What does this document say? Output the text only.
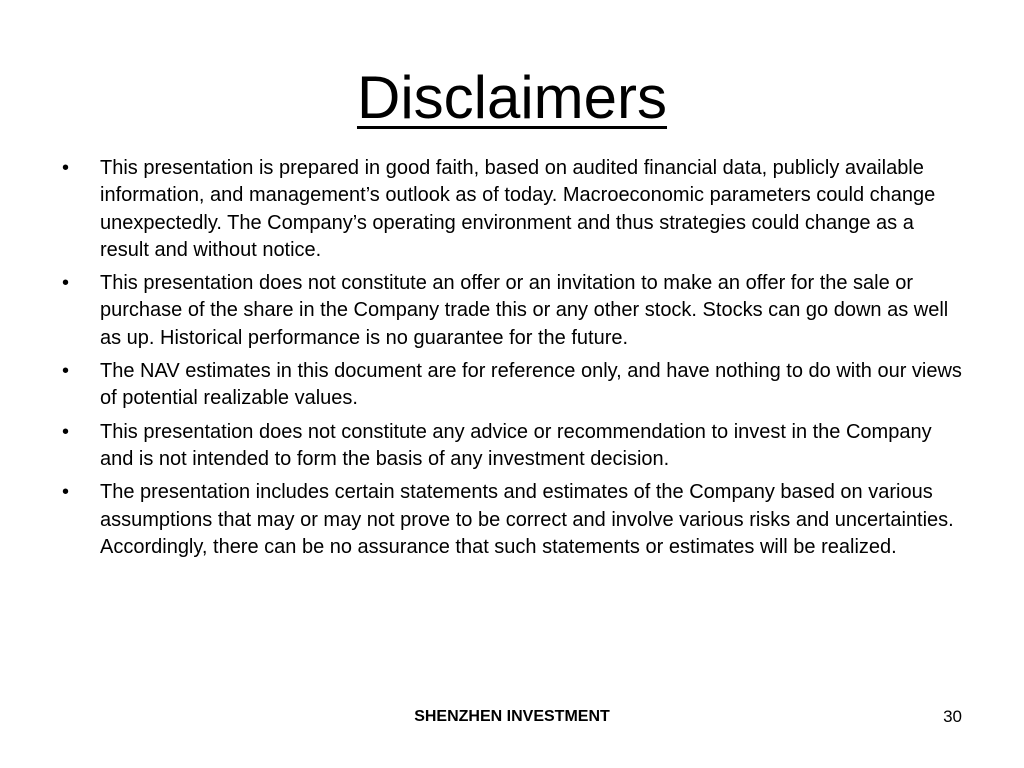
Disclaimers
•	This presentation is prepared in good faith, based on audited financial data, publicly available information, and management’s outlook as of today. Macroeconomic parameters could change unexpectedly. The Company’s operating environment and thus strategies could change as a result and without notice.
•	This presentation does not constitute an offer or an invitation to make an offer for the sale or purchase of the share in the Company trade this or any other stock. Stocks can go down as well as up. Historical performance is no guarantee for the future.
•	The NAV estimates in this document are for reference only, and have nothing to do with our views of potential realizable values.
•	This presentation does not constitute any advice or recommendation to invest in the Company and is not intended to form the basis of any investment decision.
•	The presentation includes certain statements and estimates of the Company based on various assumptions that may or may not prove to be correct and involve various risks and uncertainties. Accordingly, there can be no assurance that such statements or estimates will be realized.
SHENZHEN INVESTMENT	30
